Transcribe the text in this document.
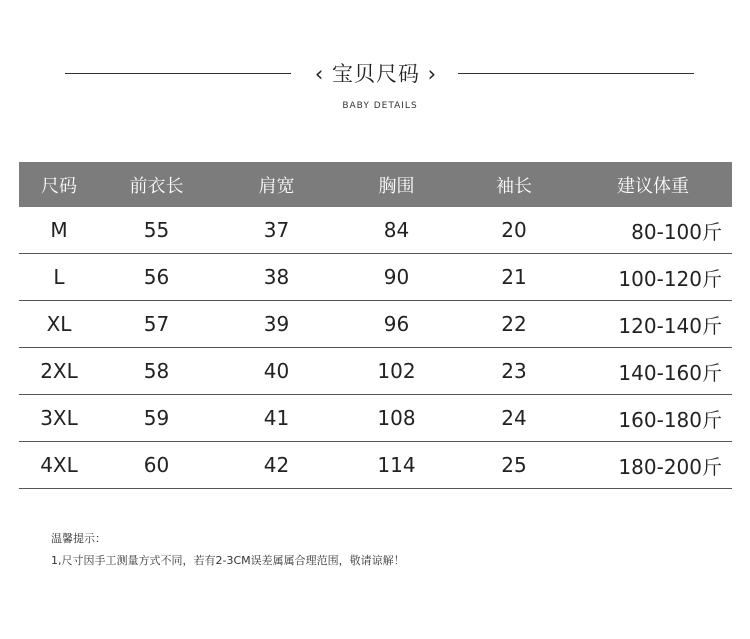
‹ 宝贝尺码 ›
BABY DETAILS
尺码	前衣长	肩宽	胸围	袖长	建议体重
M	55	37	84	20	80-100斤
L	56	38	90	21	100-120斤
XL	57	39	96	22	120-140斤
2XL	58	40	102	23	140-160斤
3XL	59	41	108	24	160-180斤
4XL	60	42	114	25	180-200斤
温馨提示：
1,尺寸因手工测量方式不同，若有2-3CM误差属属合理范围，敬请谅解！
